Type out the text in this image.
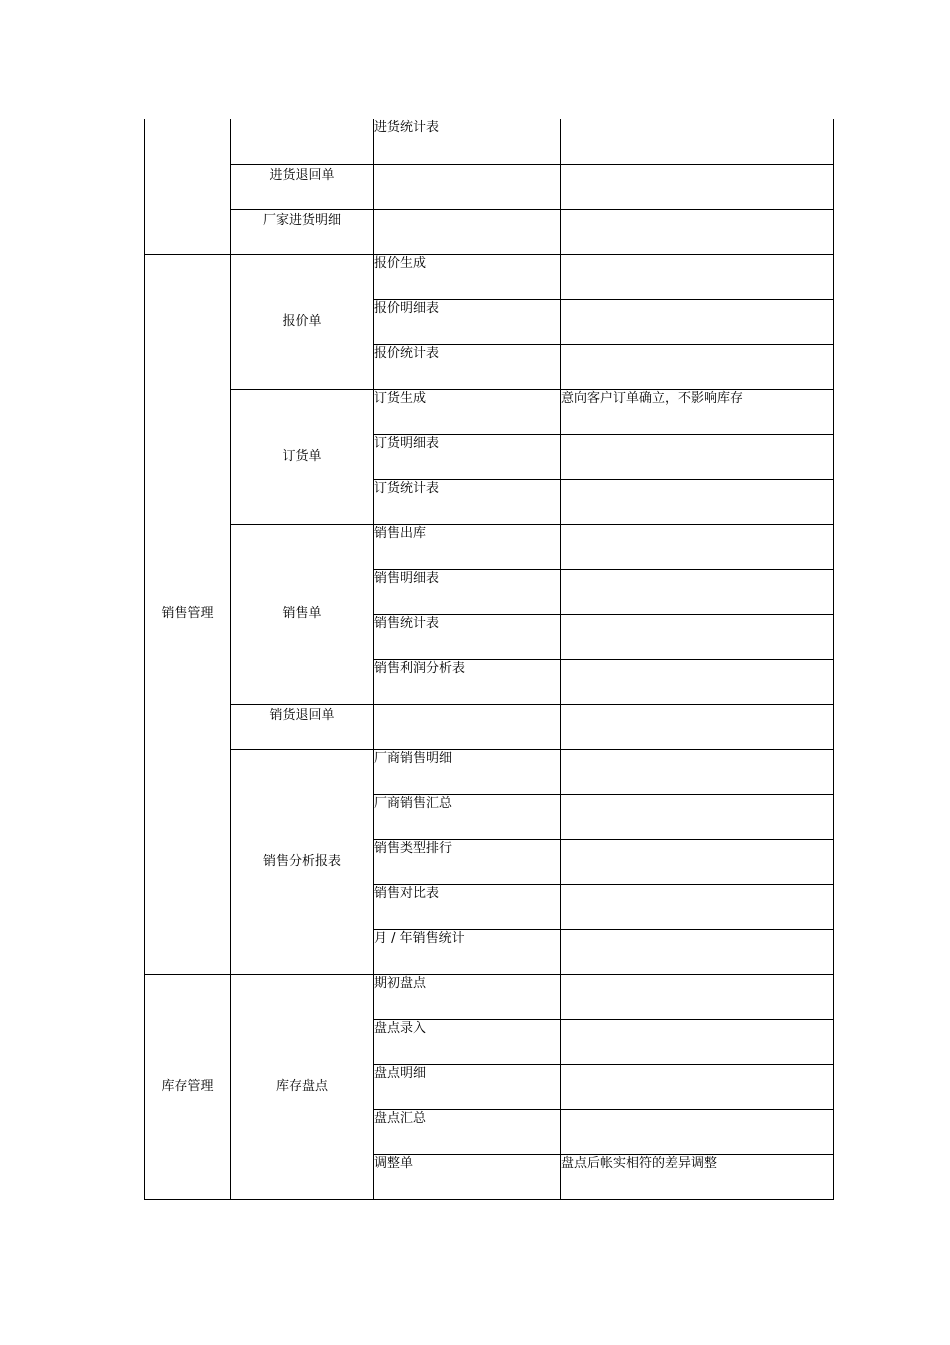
		进货统计表	
	进货退回单		
	厂家进货明细		
销售管理	报价单	报价生成	
		报价明细表	
		报价统计表	
	订货单	订货生成	意向客户订单确立，不影响库存
		订货明细表	
		订货统计表	
	销售单	销售出库	
		销售明细表	
		销售统计表	
		销售利润分析表	
	销货退回单		
	销售分析报表	厂商销售明细	
		厂商销售汇总	
		销售类型排行	
		销售对比表	
		月 / 年销售统计	
库存管理	库存盘点	期初盘点	
		盘点录入	
		盘点明细	
		盘点汇总	
		调整单	盘点后帐实相符的差异调整
